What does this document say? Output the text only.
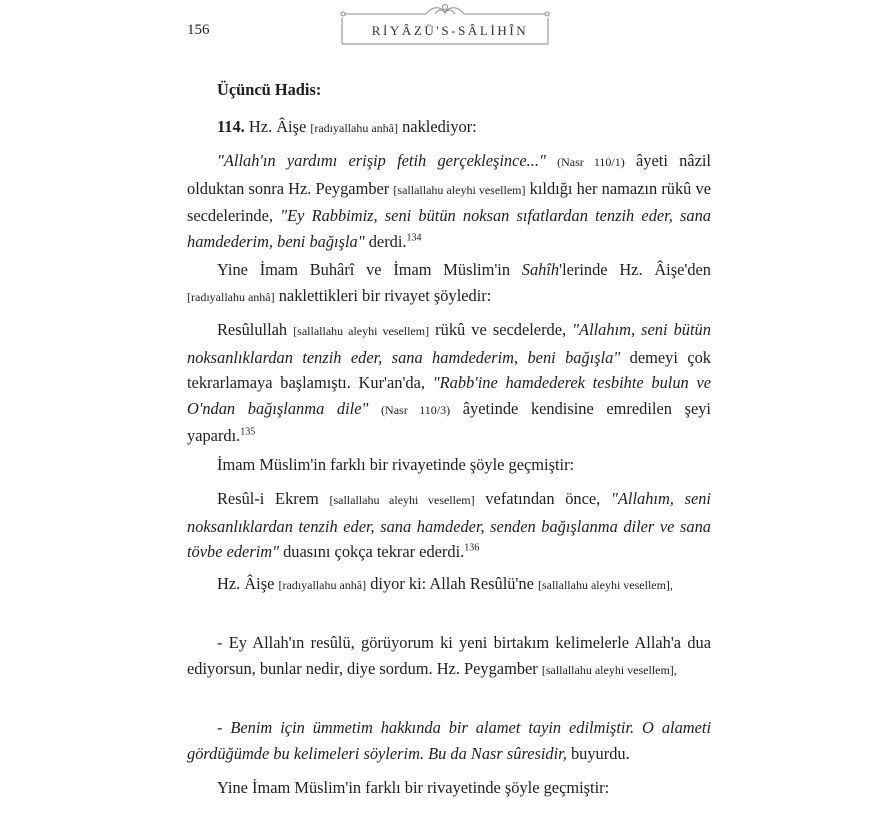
156	RİYÂZÜ'S-SÂLİHÎN

Üçüncü Hadis:

114. Hz. Âişe [radıyallahu anhâ] naklediyor:

"Allah'ın yardımı erişip fetih gerçekleşince..." (Nasr 110/1) âyeti nâzil olduktan sonra Hz. Peygamber [sallallahu aleyhi vesellem] kıldığı her namazın rükû ve secdelerinde, "Ey Rabbimiz, seni bütün noksan sıfatlardan tenzih eder, sana hamdederim, beni bağışla" derdi.$^{134}$

Yine İmam Buhârî ve İmam Müslim'in Sahîh'lerinde Hz. Âişe'den [radıyallahu anhâ] naklettikleri bir rivayet şöyledir:

Resûlullah [sallallahu aleyhi vesellem] rükû ve secdelerde, "Allahım, seni bütün noksanlıklardan tenzih eder, sana hamdederim, beni bağışla" demeyi çok tekrarlamaya başlamıştı. Kur'an'da, "Rabb'ine hamdederek tesbihte bulun ve O'ndan bağışlanma dile" (Nasr 110/3) âyetinde kendisine emredilen şeyi yapardı.$^{135}$

İmam Müslim'in farklı bir rivayetinde şöyle geçmiştir:

Resûl-i Ekrem [sallallahu aleyhi vesellem] vefatından önce, "Allahım, seni noksanlıklardan tenzih eder, sana hamdeder, senden bağışlanma diler ve sana tövbe ederim" duasını çokça tekrar ederdi.$^{136}$

Hz. Âişe [radıyallahu anhâ] diyor ki: Allah Resûlü'ne [sallallahu aleyhi vesellem],

- Ey Allah'ın resûlü, görüyorum ki yeni birtakım kelimelerle Allah'a dua ediyorsun, bunlar nedir, diye sordum. Hz. Peygamber [sallallahu aleyhi vesellem],

- Benim için ümmetim hakkında bir alamet tayin edilmiştir. O alameti gördüğümde bu kelimeleri söylerim. Bu da Nasr sûresidir, buyurdu.

Yine İmam Müslim'in farklı bir rivayetinde şöyle geçmiştir:
